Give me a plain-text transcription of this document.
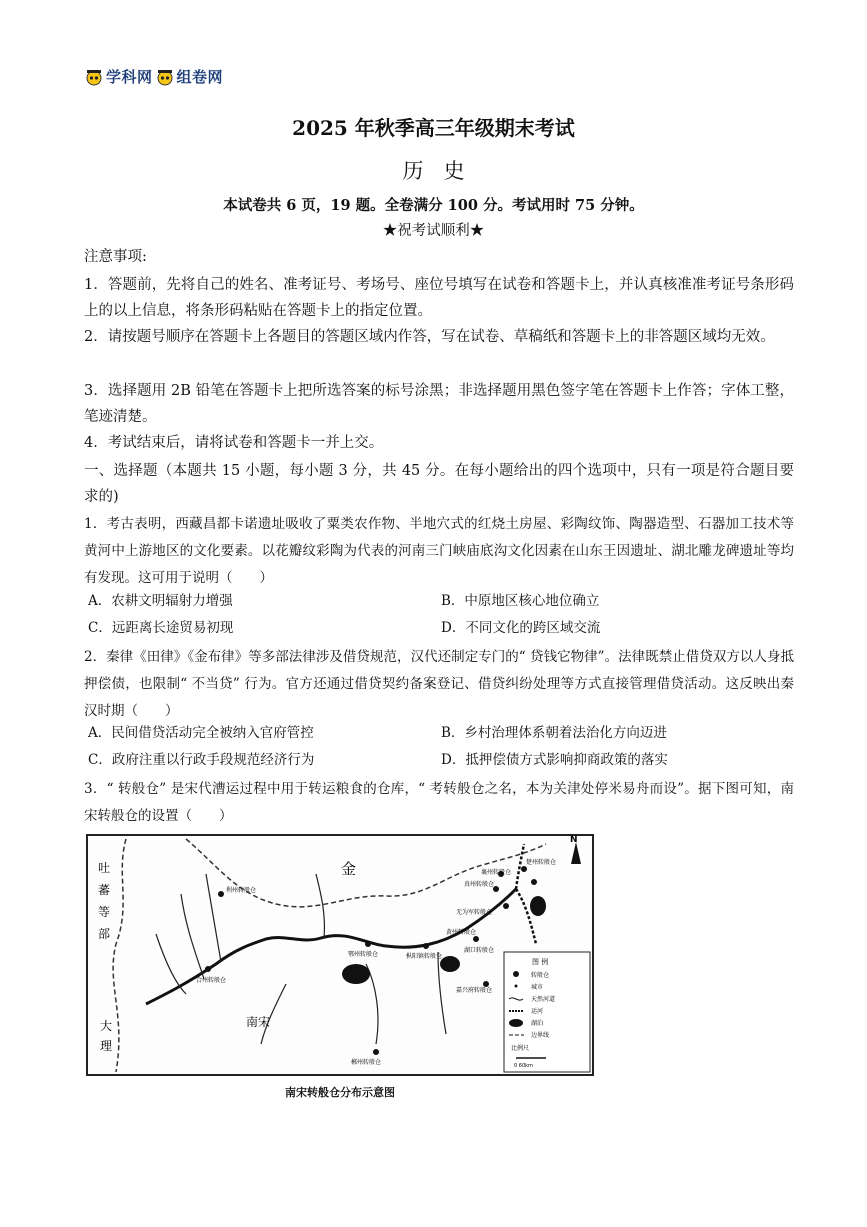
学科网 组卷网
2025 年秋季高三年级期末考试
历史
本试卷共 6 页，19 题。全卷满分 100 分。考试用时 75 分钟。
★祝考试顺利★
注意事项:
1．答题前，先将自己的姓名、准考证号、考场号、座位号填写在试卷和答题卡上，并认真核准准考证号条形码上的以上信息，将条形码粘贴在答题卡上的指定位置。
2．请按题号顺序在答题卡上各题目的答题区域内作答，写在试卷、草稿纸和答题卡上的非答题区域均无效。
3．选择题用 2B 铅笔在答题卡上把所选答案的标号涂黑；非选择题用黑色签字笔在答题卡上作答；字体工整，笔迹清楚。
4．考试结束后，请将试卷和答题卡一并上交。
一、选择题（本题共 15 小题，每小题 3 分，共 45 分。在每小题给出的四个选项中，只有一项是符合题目要求的)
1．考古表明，西藏昌都卡诺遗址吸收了粟类农作物、半地穴式的红烧土房屋、彩陶纹饰、陶器造型、石器加工技术等黄河中上游地区的文化要素。以花瓣纹彩陶为代表的河南三门峡庙底沟文化因素在山东王因遗址、湖北雕龙碑遗址等均有发现。这可用于说明（　　）
A．农耕文明辐射力增强	B．中原地区核心地位确立
C．远距离长途贸易初现	D．不同文化的跨区域交流
2．秦律《田律》《金布律》等多部法律涉及借贷规范，汉代还制定专门的“ 贷钱它物律”。法律既禁止借贷双方以人身抵押偿债，也限制“ 不当贷” 行为。官方还通过借贷契约备案登记、借贷纠纷处理等方式直接管理借贷活动。这反映出秦汉时期（　　）
A．民间借贷活动完全被纳入官府管控	B．乡村治理体系朝着法治化方向迈进
C．政府注重以行政手段规范经济行为	D．抵押偿债方式影响抑商政策的落实
3．“ 转般仓” 是宋代漕运过程中用于转运粮食的仓库，“ 考转般仓之名，本为关津处停米易舟而设”。据下图可知，南宋转般仓的设置（　　）
金
南宋
吐
蕃
等
部
大
理
利州转般仓
合州转般仓
鄂州转般仓	枞阳镇转般仓
湖口转般仓
真州转般仓
无为军转般仓
黄州转般仓
襄州转般仓
楚州转般仓
嘉兴府转般仓
郴州转般仓
N
图 例
转般仓
城市
天然河道
运河
湖泊
边界线
比例尺
0 60km
南宋转般仓分布示意图
